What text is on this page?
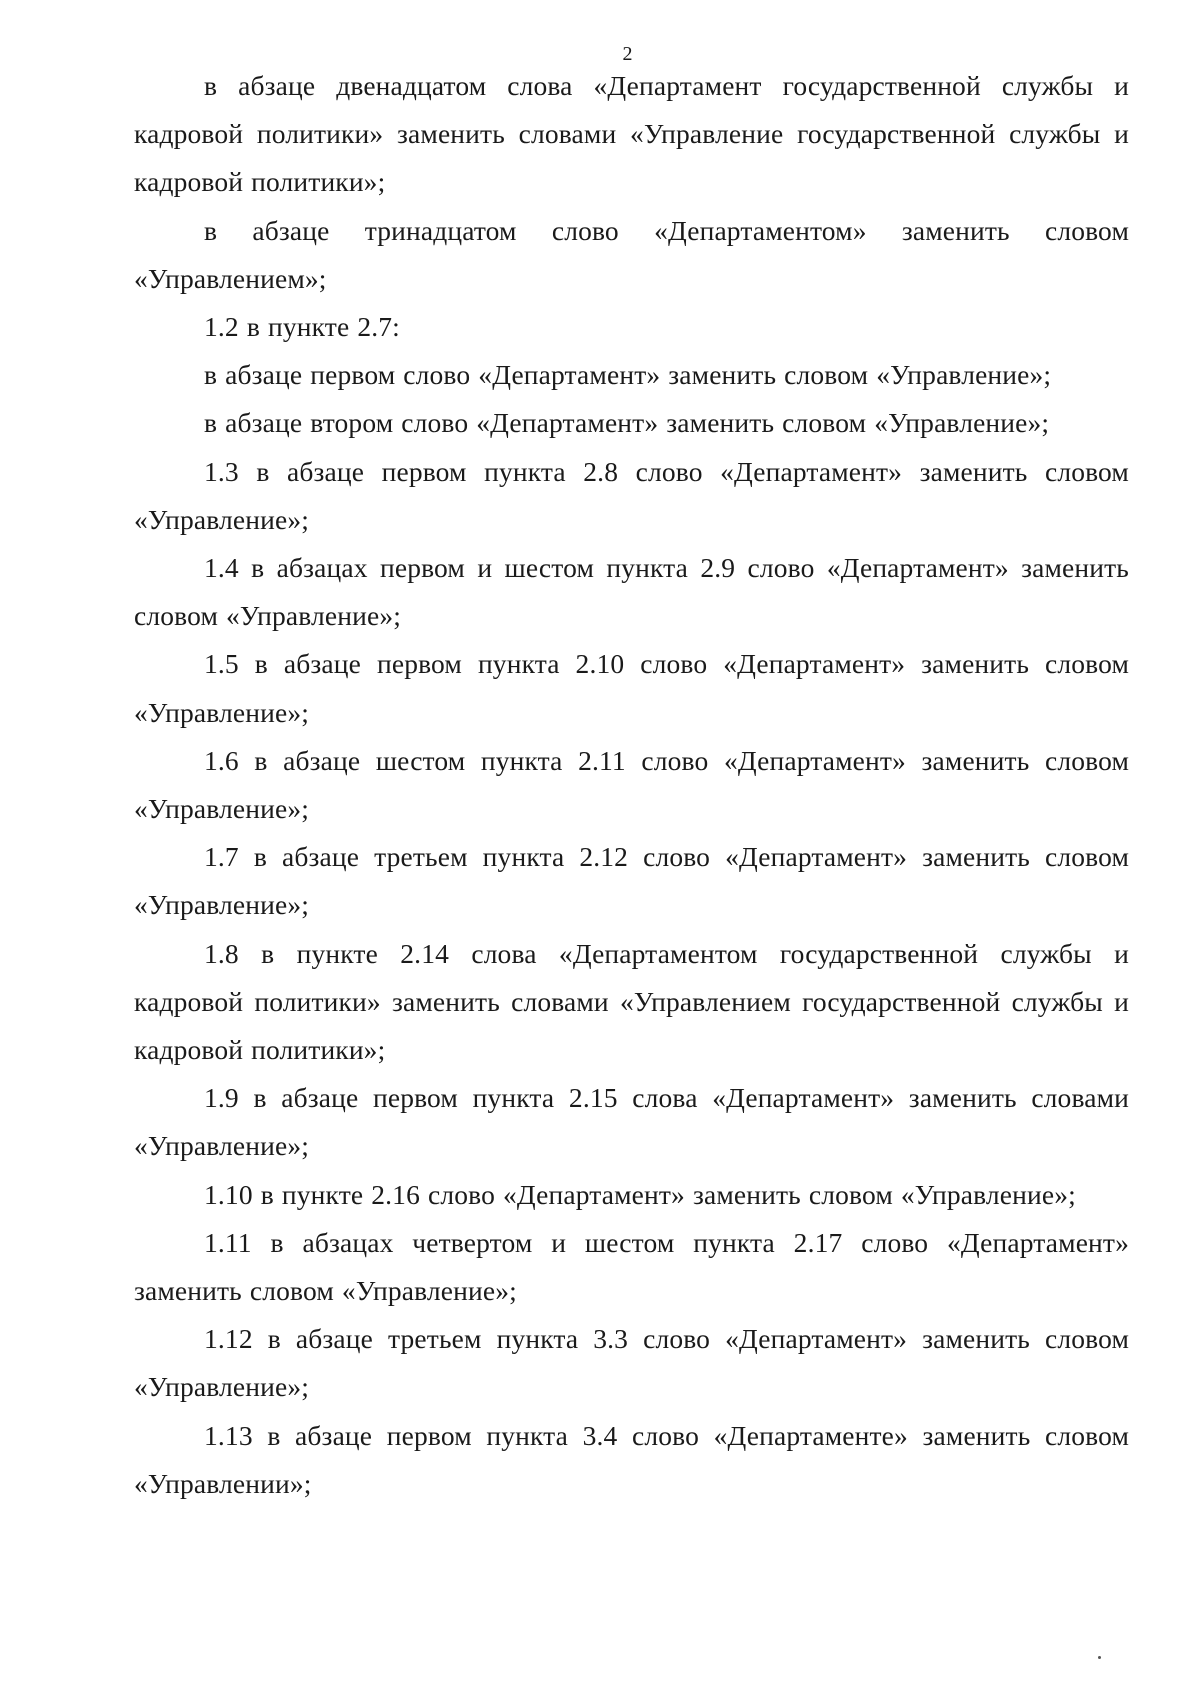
2

в абзаце двенадцатом слова «Департамент государственной службы и кадровой политики» заменить словами «Управление государственной службы и кадровой политики»;

в абзаце тринадцатом слово «Департаментом» заменить словом «Управлением»;

1.2 в пункте 2.7:

в абзаце первом слово «Департамент» заменить словом «Управление»;

в абзаце втором слово «Департамент» заменить словом «Управление»;

1.3 в абзаце первом пункта 2.8 слово «Департамент» заменить словом «Управление»;

1.4 в абзацах первом и шестом пункта 2.9 слово «Департамент» заменить словом «Управление»;

1.5 в абзаце первом пункта 2.10 слово «Департамент» заменить словом «Управление»;

1.6 в абзаце шестом пункта 2.11 слово «Департамент» заменить словом «Управление»;

1.7 в абзаце третьем пункта 2.12 слово «Департамент» заменить словом «Управление»;

1.8 в пункте 2.14 слова «Департаментом государственной службы и кадровой политики» заменить словами «Управлением государственной службы и кадровой политики»;

1.9 в абзаце первом пункта 2.15 слова «Департамент» заменить словами «Управление»;

1.10 в пункте 2.16 слово «Департамент» заменить словом «Управление»;

1.11 в абзацах четвертом и шестом пункта 2.17 слово «Департамент» заменить словом «Управление»;

1.12 в абзаце третьем пункта 3.3 слово «Департамент» заменить словом «Управление»;

1.13 в абзаце первом пункта 3.4 слово «Департаменте» заменить словом «Управлении»;
